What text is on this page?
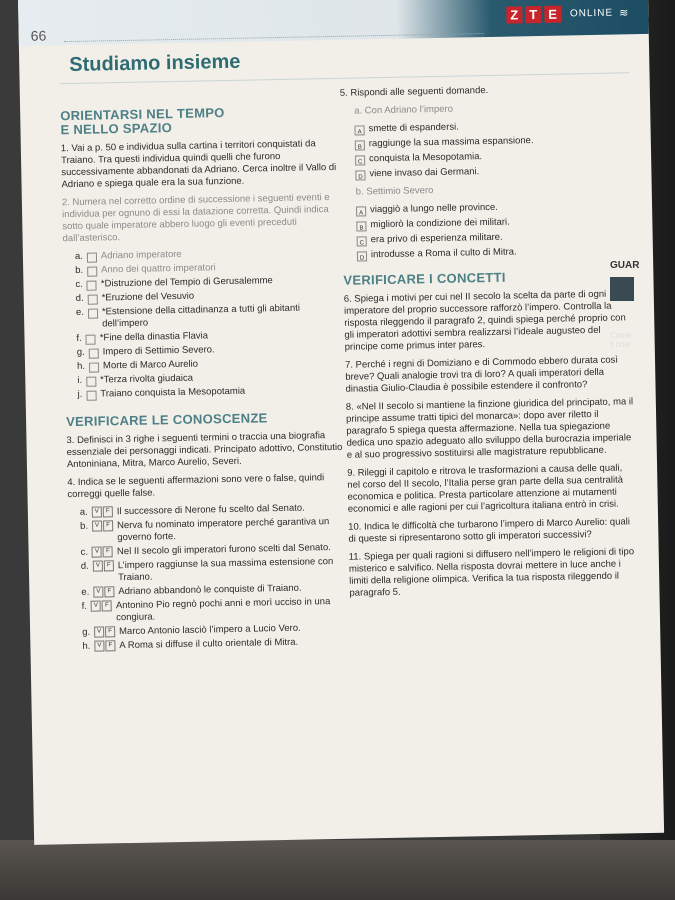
66
Z T E	ONLINE ≋
Studiamo insieme
ORIENTARSI NEL TEMPO
E NELLO SPAZIO
1. Vai a p. 50 e individua sulla cartina i territori conquistati da Traiano. Tra questi individua quindi quelli che furono successivamente abbandonati da Adriano. Cerca inoltre il Vallo di Adriano e spiega quale era la sua funzione.
2. Numera nel corretto ordine di successione i seguenti eventi e individua per ognuno di essi la datazione corretta. Quindi indica sotto quale imperatore abbero luogo gli eventi preceduti dall’asterisco.
a. Adriano imperatore
b. Anno dei quattro imperatori
c. *Distruzione del Tempio di Gerusalemme
d. *Eruzione del Vesuvio
e. *Estensione della cittadinanza a tutti gli abitanti dell’impero
f. *Fine della dinastia Flavia
g. Impero di Settimio Severo.
h. Morte di Marco Aurelio
i. *Terza rivolta giudaica
j. Traiano conquista la Mesopotamia
VERIFICARE LE CONOSCENZE
3. Definisci in 3 righe i seguenti termini o traccia una biografia essenziale dei personaggi indicati. Principato adottivo, Constitutio Antoniniana, Mitra, Marco Aurelio, Severi.
4. Indica se le seguenti affermazioni sono vere o false, quindi correggi quelle false.
a.	V	F Il successore di Nerone fu scelto dal Senato.
b.	V	F Nerva fu nominato imperatore perché garantiva un governo forte.
c.	V	F Nel II secolo gli imperatori furono scelti dal Senato.
d.	V	F L’impero raggiunse la sua massima estensione con Traiano.
e.	V	F Adriano abbandonò le conquiste di Traiano.
f.	V	F Antonino Pio regnò pochi anni e morì ucciso in una congiura.
g.	V	F Marco Antonio lasciò l’impero a Lucio Vero.
h.	V	F A Roma si diffuse il culto orientale di Mitra.
5. Rispondi alle seguenti domande.
a. Con Adriano l’impero
A smette di espandersi.
B raggiunge la sua massima espansione.
C conquista la Mesopotamia.
D viene invaso dai Germani.
b. Settimio Severo
A viaggiò a lungo nelle province.
B migliorò la condizione dei militari.
C era privo di esperienza militare.
D introdusse a Roma il culto di Mitra.
VERIFICARE I CONCETTI
6. Spiega i motivi per cui nel II secolo la scelta da parte di ogni imperatore del proprio successore rafforzò l’impero. Controlla la risposta rileggendo il paragrafo 2, quindi spiega perché proprio con gli imperatori adottivi sembra realizzarsi l’ideale augusteo del principe come primus inter pares.
7. Perché i regni di Domiziano e di Commodo ebbero durata così breve? Quali analogie trovi tra di loro? A quali imperatori della dinastia Giulio-Claudia è possibile estendere il confronto?
8. «Nel II secolo si mantiene la finzione giuridica del principato, ma il principe assume tratti tipici del monarca»: dopo aver riletto il paragrafo 5 spiega questa affermazione. Nella tua spiegazione dedica uno spazio adeguato allo sviluppo della burocrazia imperiale e al suo progressivo sostituirsi alle magistrature repubblicane.
9. Rileggi il capitolo e ritrova le trasformazioni a causa delle quali, nel corso del II secolo, l’Italia perse gran parte della sua centralità economica e politica. Presta particolare attenzione ai mutamenti economici e alle ragioni per cui l’agricoltura italiana entrò in crisi.
10. Indica le difficoltà che turbarono l’impero di Marco Aurelio: quali di queste si ripresentarono sotto gli imperatori successivi?
11. Spiega per quali ragioni si diffusero nell’impero le religioni di tipo misterico e salvifico. Nella risposta dovrai mettere in luce anche i limiti della religione olimpica. Verifica la tua risposta rileggendo il paragrafo 5.
GUAR
Come
il crist
